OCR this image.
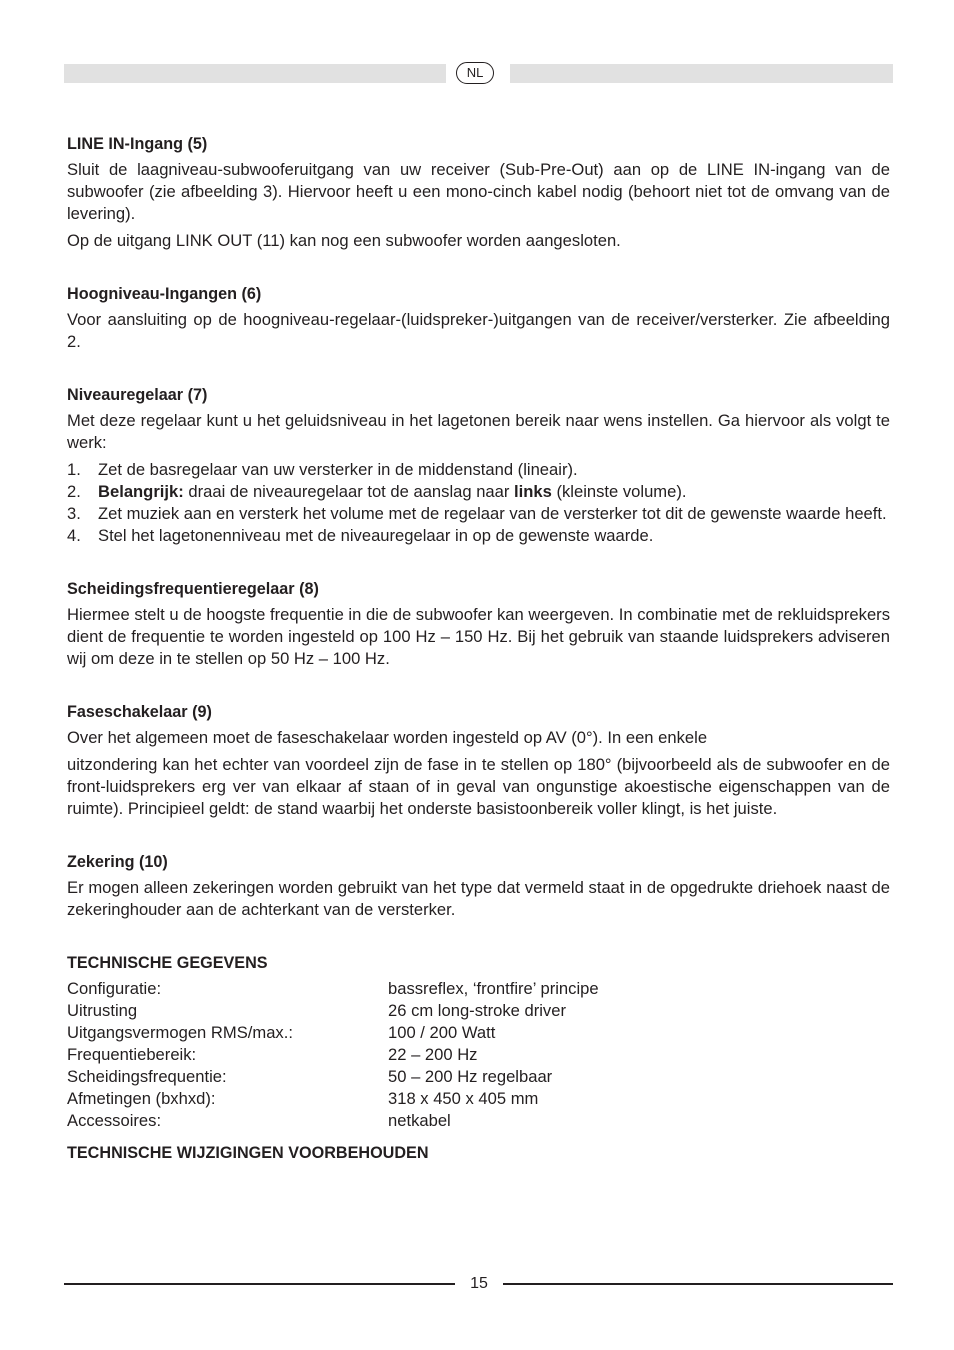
NL
LINE IN-Ingang (5)

Sluit de laagniveau-subwooferuitgang van uw receiver (Sub-Pre-Out) aan op de LINE IN-ingang van de subwoofer (zie afbeelding 3). Hiervoor heeft u een mono-cinch kabel nodig (behoort niet tot de omvang van de levering).

Op de uitgang LINK OUT (11) kan nog een subwoofer worden aangesloten.

Hoogniveau-Ingangen (6)

Voor aansluiting op de hoogniveau-regelaar-(luidspreker-)uitgangen van de receiver/versterker. Zie afbeelding 2.

Niveauregelaar (7)

Met deze regelaar kunt u het geluidsniveau in het lagetonen bereik naar wens instellen. Ga hiervoor als volgt te werk:

1. Zet de basregelaar van uw versterker in de middenstand (lineair).
2. Belangrijk: draai de niveauregelaar tot de aanslag naar links (kleinste volume).
3. Zet muziek aan en versterk het volume met de regelaar van de versterker tot dit de gewenste waarde heeft.
4. Stel het lagetonenniveau met de niveauregelaar in op de gewenste waarde.
Scheidingsfrequentieregelaar (8)

Hiermee stelt u de hoogste frequentie in die de subwoofer kan weergeven. In combinatie met de rekluidsprekers dient de frequentie te worden ingesteld op 100 Hz – 150 Hz. Bij het gebruik van staande luidsprekers adviseren wij om deze in te stellen op 50 Hz – 100 Hz.

Faseschakelaar (9)

Over het algemeen moet de faseschakelaar worden ingesteld op AV (0°). In een enkele

uitzondering kan het echter van voordeel zijn de fase in te stellen op 180° (bijvoorbeeld als de subwoofer en de front-luidsprekers erg ver van elkaar af staan of in geval van ongunstige akoestische eigenschappen van de ruimte). Principieel geldt: de stand waarbij het onderste basistoonbereik voller klingt, is het juiste.

Zekering (10)

Er mogen alleen zekeringen worden gebruikt van het type dat vermeld staat in de opgedrukte driehoek naast de zekeringhouder aan de achterkant van de versterker.

TECHNISCHE GEGEVENS
Configuratie:	bassreflex, ‘frontfire’ principe
Uitrusting	26 cm long-stroke driver
Uitgangsvermogen RMS/max.:	100 / 200 Watt
Frequentiebereik:	22 – 200 Hz
Scheidingsfrequentie:	50 – 200 Hz regelbaar
Afmetingen (bxhxd):	318 x 450 x 405 mm
Accessoires:	netkabel
TECHNISCHE WIJZIGINGEN VOORBEHOUDEN
15
